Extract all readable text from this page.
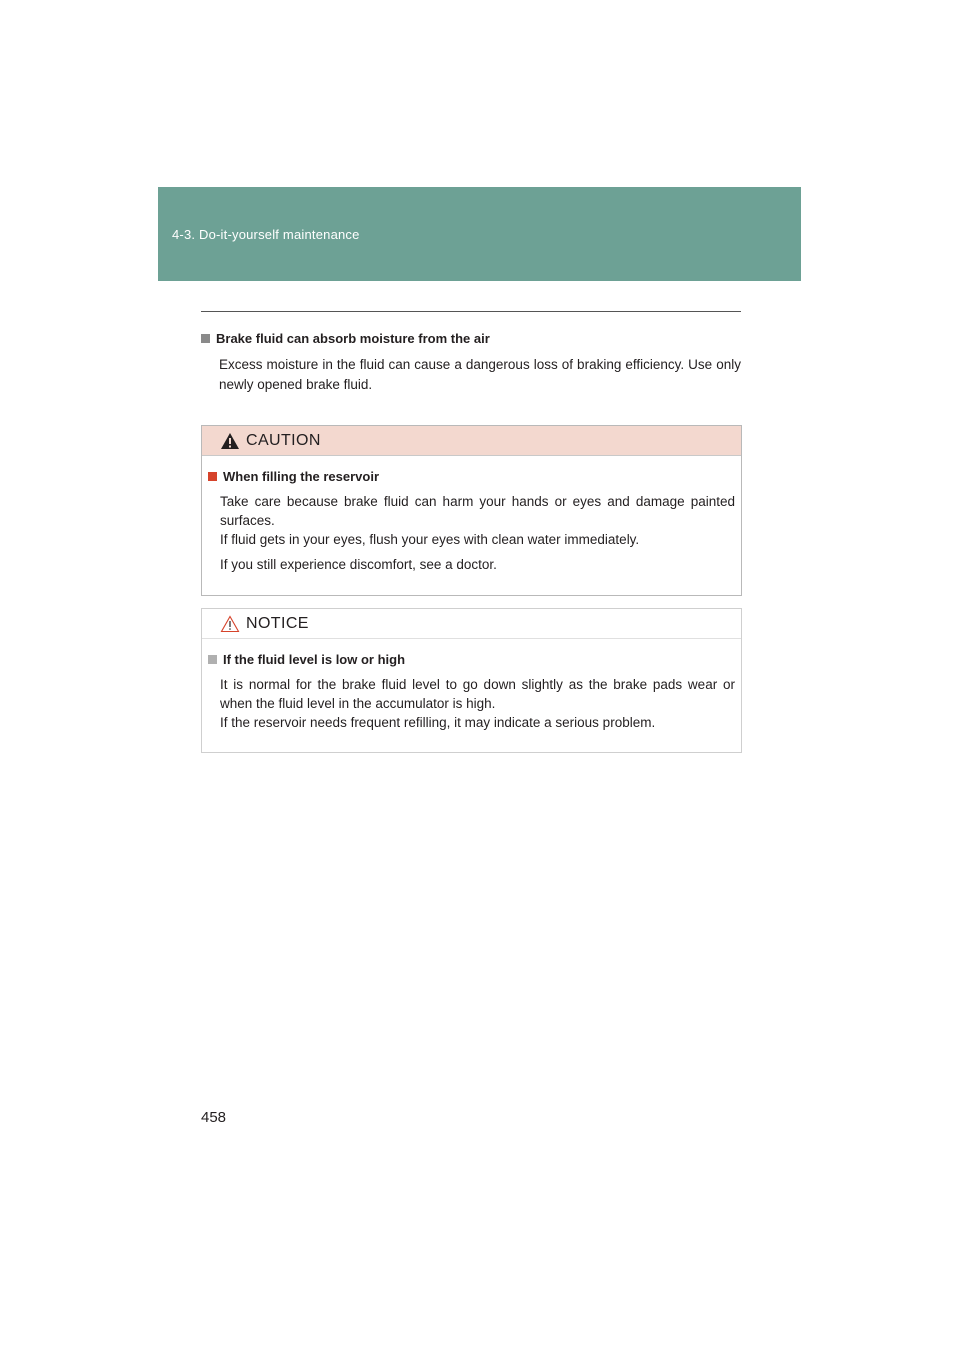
4-3. Do-it-yourself maintenance
Brake fluid can absorb moisture from the air
Excess moisture in the fluid can cause a dangerous loss of braking efficiency. Use only newly opened brake fluid.
CAUTION
When filling the reservoir
Take care because brake fluid can harm your hands or eyes and damage painted surfaces.
If fluid gets in your eyes, flush your eyes with clean water immediately.
If you still experience discomfort, see a doctor.
NOTICE
If the fluid level is low or high
It is normal for the brake fluid level to go down slightly as the brake pads wear or when the fluid level in the accumulator is high.
If the reservoir needs frequent refilling, it may indicate a serious problem.
458
